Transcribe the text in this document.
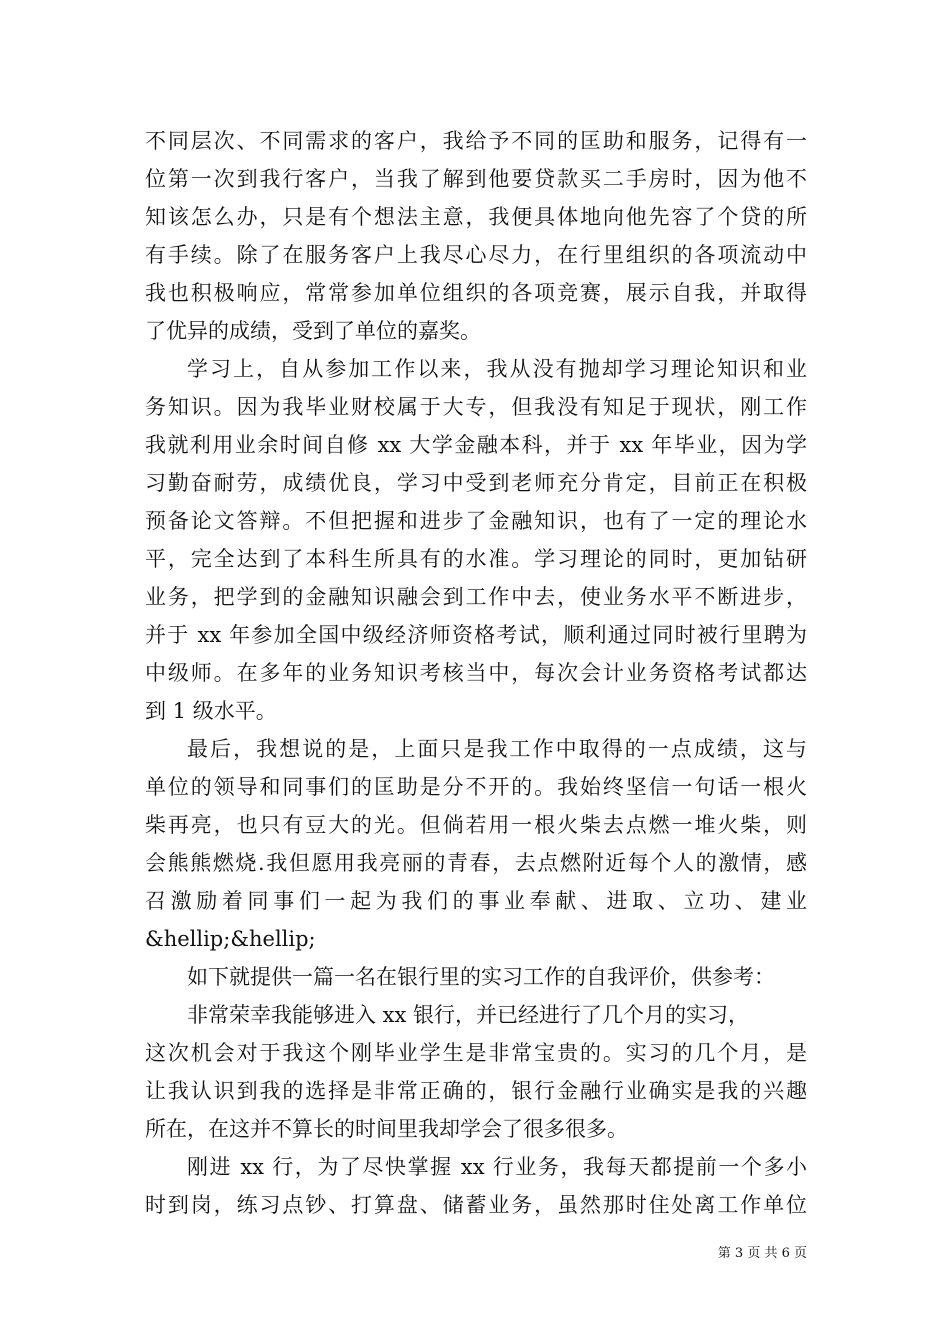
不同层次、不同需求的客户，我给予不同的匡助和服务，记得有一
位第一次到我行客户，当我了解到他要贷款买二手房时，因为他不
知该怎么办，只是有个想法主意，我便具体地向他先容了个贷的所
有手续。除了在服务客户上我尽心尽力，在行里组织的各项流动中
我也积极响应，常常参加单位组织的各项竞赛，展示自我，并取得
了优异的成绩，受到了单位的嘉奖。
学习上，自从参加工作以来，我从没有抛却学习理论知识和业
务知识。因为我毕业财校属于大专，但我没有知足于现状，刚工作
我就利用业余时间自修 xx 大学金融本科，并于 xx 年毕业，因为学
习勤奋耐劳，成绩优良，学习中受到老师充分肯定，目前正在积极
预备论文答辩。不但把握和进步了金融知识，也有了一定的理论水
平，完全达到了本科生所具有的水准。学习理论的同时，更加钻研
业务，把学到的金融知识融会到工作中去，使业务水平不断进步，
并于 xx 年参加全国中级经济师资格考试，顺利通过同时被行里聘为
中级师。在多年的业务知识考核当中，每次会计业务资格考试都达
到 1 级水平。
最后，我想说的是，上面只是我工作中取得的一点成绩，这与
单位的领导和同事们的匡助是分不开的。我始终坚信一句话一根火
柴再亮，也只有豆大的光。但倘若用一根火柴去点燃一堆火柴，则
会熊熊燃烧.我但愿用我亮丽的青春，去点燃附近每个人的激情，感
召激励着同事们一起为我们的事业奉献、进取、立功、建业
&hellip;&hellip;
如下就提供一篇一名在银行里的实习工作的自我评价，供参考：
非常荣幸我能够进入 xx 银行，并已经进行了几个月的实习，
这次机会对于我这个刚毕业学生是非常宝贵的。实习的几个月，是
让我认识到我的选择是非常正确的，银行金融行业确实是我的兴趣
所在，在这并不算长的时间里我却学会了很多很多。
刚进 xx 行，为了尽快掌握 xx 行业务，我每天都提前一个多小
时到岗，练习点钞、打算盘、储蓄业务，虽然那时住处离工作单位
第 3 页 共 6 页
